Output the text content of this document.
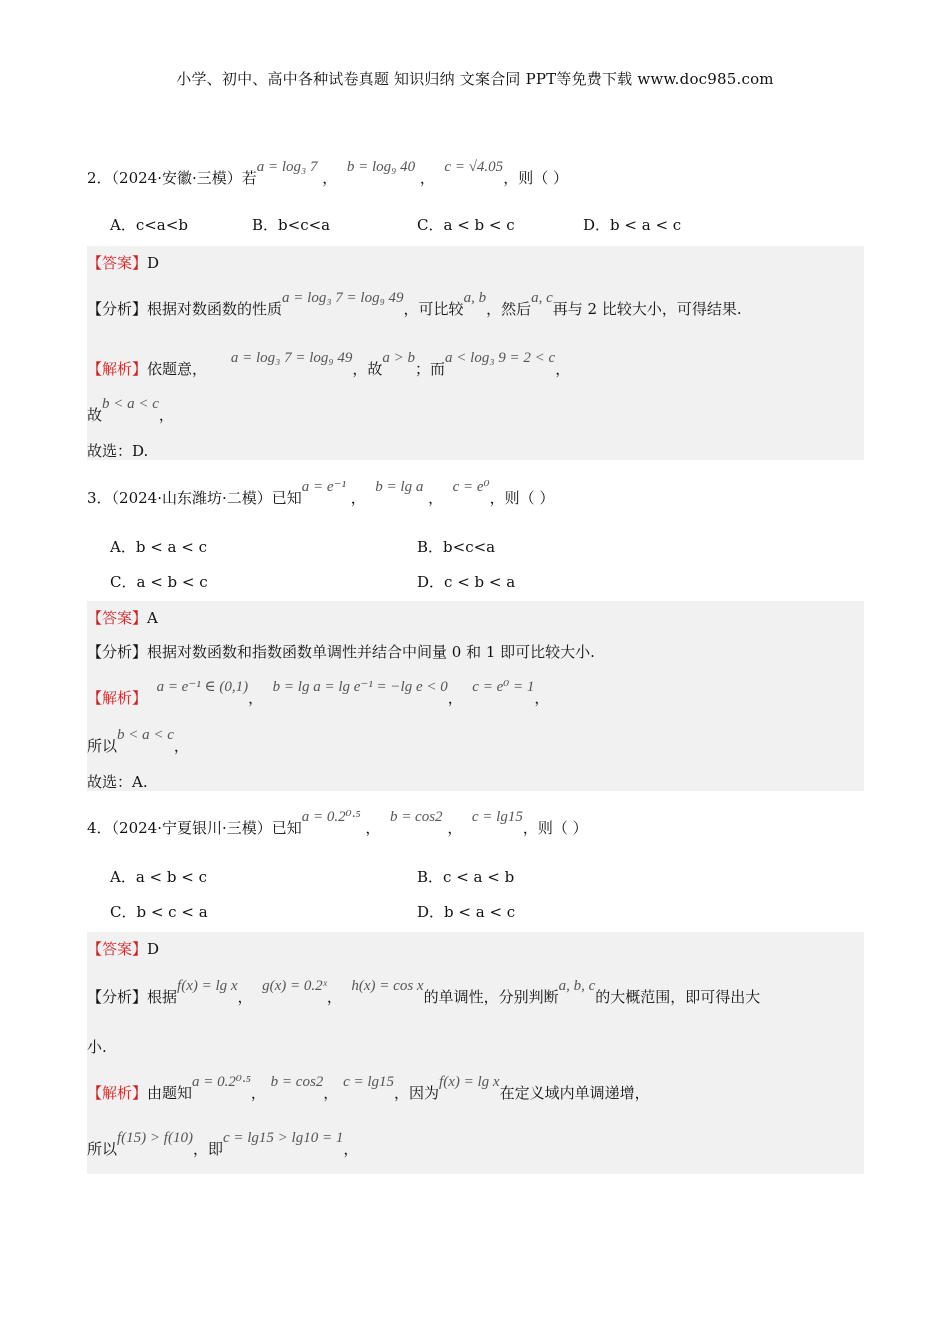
小学、初中、高中各种试卷真题 知识归纳 文案合同 PPT等免费下载 www.doc985.com
2．（2024·安徽·三模）若a = log₃ 7 ，  b = log₉ 40 ，  c = √4.05，则（ ）
A．c<a<b	B．b<c<a	C．a < b < c	D．b < a < c
【答案】D
【分析】根据对数函数的性质a = log₃ 7 = log₉ 49，可比较a, b，然后a, c再与 2 比较大小，可得结果.
【解析】依题意，     a = log₃ 7 = log₉ 49，故a > b；而a < log₃ 9 = 2 < c，
故b < a < c，
故选：D.
3．（2024·山东潍坊·二模）已知a = e⁻¹ ，  b = lg a ，  c = e⁰，则（ ）
A．b < a < c	B．b<c<a
C．a < b < c	D．c < b < a
【答案】A
【分析】根据对数函数和指数函数单调性并结合中间量 0 和 1 即可比较大小.
【解析】  a = e⁻¹ ∈ (0,1)，  b = lg a = lg e⁻¹ = −lg e < 0，  c = e⁰ = 1，
所以b < a < c，
故选：A.
4．（2024·宁夏银川·三模）已知a = 0.2⁰·⁵ ，  b = cos2 ，  c = lg15，则（ ）
A．a < b < c	B．c < a < b
C．b < c < a	D．b < a < c
【答案】D
【分析】根据f(x) = lg x，  g(x) = 0.2ˣ，  h(x) = cos x的单调性，分别判断a, b, c的大概范围，即可得出大
小.
【解析】由题知a = 0.2⁰·⁵， b = cos2， c = lg15，因为f(x) = lg x在定义域内单调递增，
所以f(15) > f(10)，即c = lg15 > lg10 = 1，
